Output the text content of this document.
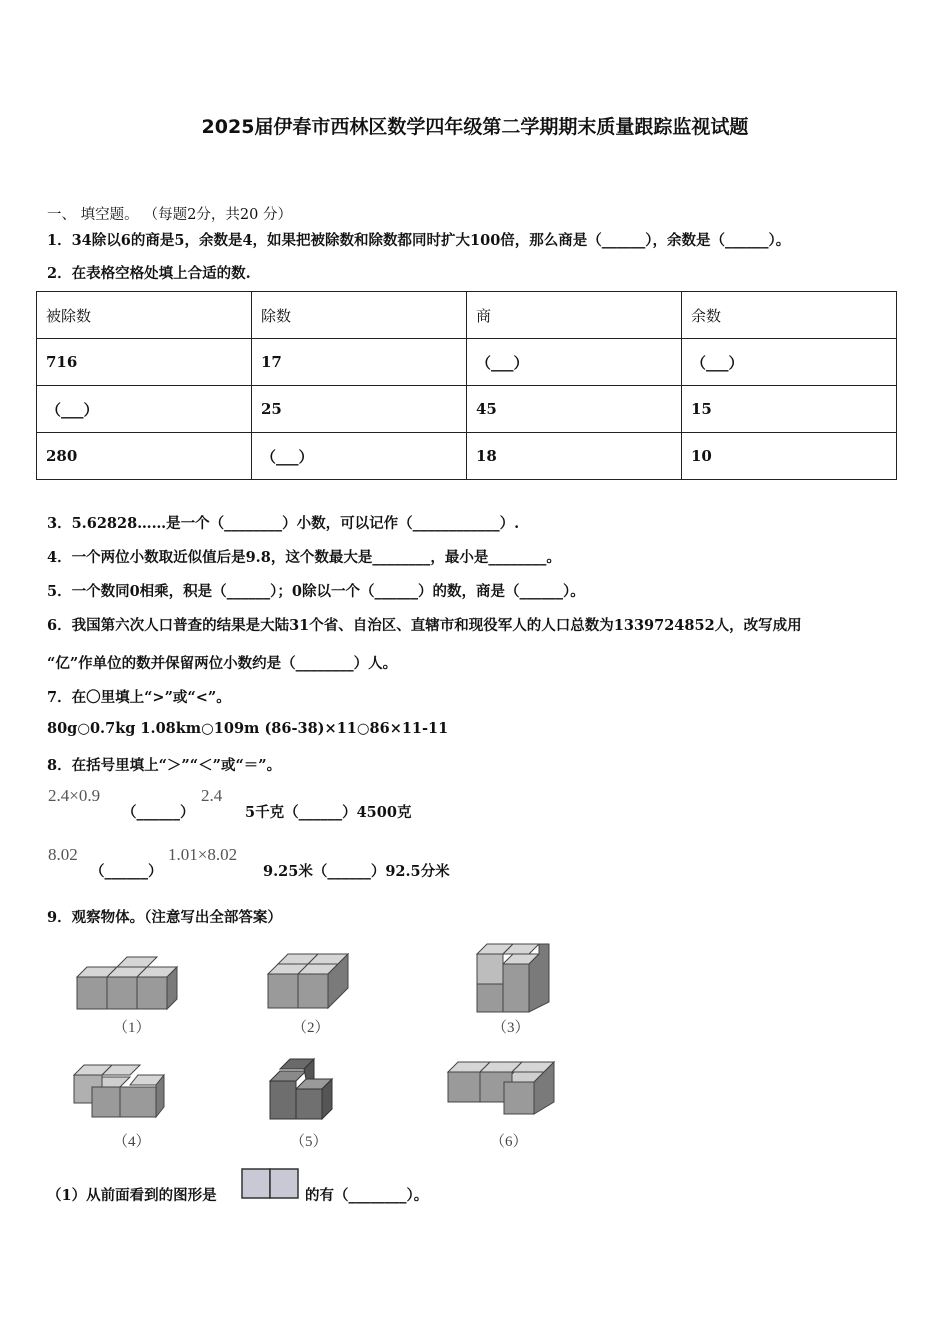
2025届伊春市西林区数学四年级第二学期期末质量跟踪监视试题
一、 填空题。 （每题2分，共20 分）
1．34除以6的商是5，余数是4，如果把被除数和除数都同时扩大100倍，那么商是（______），余数是（______）。
2．在表格空格处填上合适的数.
被除数	除数	商	余数
716	17	（___）	（___）
（___）	25	45	15
280	（___）	18	10
3．5.62828……是一个（________）小数，可以记作（____________）.
4．一个两位小数取近似值后是9.8，这个数最大是________，最小是________。
5．一个数同0相乘，积是（______）；0除以一个（______）的数，商是（______）。
6．我国第六次人口普查的结果是大陆31个省、自治区、直辖市和现役军人的人口总数为1339724852人，改写成用
“亿”作单位的数并保留两位小数约是（________）人。
7．在〇里填上“>”或“<”。
80g○0.7kg 1.08km○109m (86-38)×11○86×11-11
8．在括号里填上“＞”“＜”或“＝”。
2.4×0.9
（______）
2.4
5千克（______）4500克
8.02
（______）
1.01×8.02
9.25米（______）92.5分米
9．观察物体。（注意写出全部答案）
（1）	（2）	（3）
（4）	（5）	（6）
（1）从前面看到的图形是	的有（________）。
